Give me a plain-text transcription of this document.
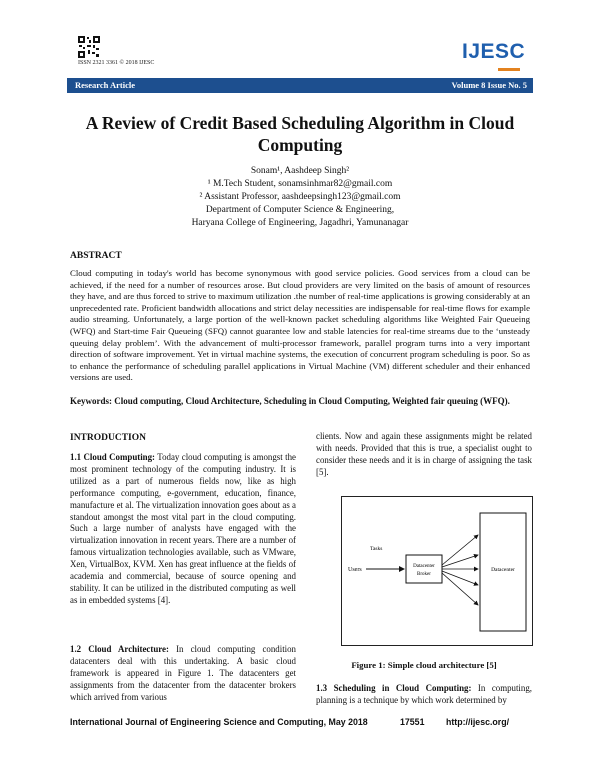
ISSN 2321 3361 © 2018 IJESC	IJESC
Research Article	Volume 8 Issue No. 5
A Review of Credit Based Scheduling Algorithm in Cloud Computing
Sonam¹, Aashdeep Singh²
¹ M.Tech Student, sonamsinhmar82@gmail.com
² Assistant Professor, aashdeepsingh123@gmail.com
Department of Computer Science & Engineering,
Haryana College of Engineering, Jagadhri, Yamunanagar
ABSTRACT
Cloud computing in today's world has become synonymous with good service policies. Good services from a cloud can be achieved, if the need for a number of resources arose. But cloud providers are very limited on the basis of amount of resources they have, and are thus forced to strive to maximum utilization .the number of real-time applications is growing considerably at an unprecedented rate. Proficient bandwidth allocations and strict delay necessities are indispensable for real-time flows for example audio streaming. Unfortunately, a large portion of the well-known packet scheduling algorithms like Weighted Fair Queueing (WFQ) and Start-time Fair Queueing (SFQ) cannot guarantee low and stable latencies for real-time streams due to the ‘unsteady queuing delay problem’. With the advancement of multi-processor framework, parallel program turns into a very important direction of software improvement. Yet in virtual machine systems, the execution of concurrent program scheduling is poor. So as to enhance the performance of scheduling parallel applications in Virtual Machine (VM) different scheduler and their enhanced versions are used.
Keywords: Cloud computing, Cloud Architecture, Scheduling in Cloud Computing, Weighted fair queuing (WFQ).
INTRODUCTION
1.1 Cloud Computing: Today cloud computing is amongst the most prominent technology of the computing industry. It is utilized as a part of numerous fields now, like as high performance computing, e-government, education, finance, manufacture et al. The virtualization innovation goes about as a standout amongst the most vital part in the cloud computing. Such a large number of analysts have engaged with the virtualization innovation in recent years. There are a number of famous virtualization technologies available, such as VMware, Xen, VirtualBox, KVM. Xen has great influence at the fields of academia and commercial, because of source opening and stability. It can be utilized in the distributed computing as well as in embedded systems [4].
1.2 Cloud Architecture: In cloud computing condition datacenters deal with this undertaking. A basic cloud framework is appeared in Figure 1. The datacenters get assignments from the datacenter from the datacenter brokers which arrived from various
clients. Now and again these assignments might be related with needs. Provided that this is true, a specialist ought to consider these needs and it is in charge of assigning the task [5].
Tasks
Users
Datacenter
Broker
Datacenter
Figure 1: Simple cloud architecture [5]
1.3 Scheduling in Cloud Computing: In computing, planning is a technique by which work determined by
International Journal of Engineering Science and Computing, May 2018	17551 http://ijesc.org/
